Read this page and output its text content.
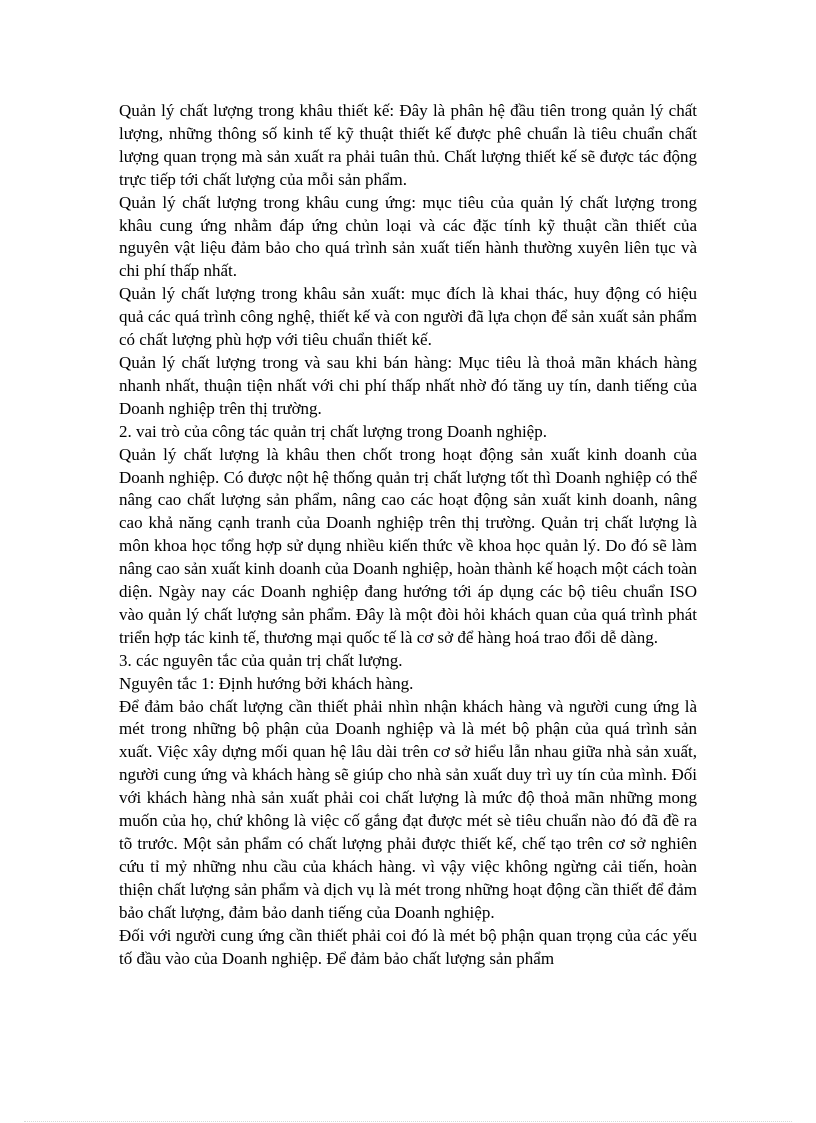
Quản lý chất lượng trong khâu thiết kế: Đây là phân hệ đầu tiên trong quản lý chất lượng, những thông số kinh tế kỹ thuật thiết kế được phê chuẩn là tiêu chuẩn chất lượng quan trọng mà sản xuất ra phải tuân thủ. Chất lượng thiết kế sẽ được tác động trực tiếp tới chất lượng của mỗi sản phẩm.

Quản lý chất lượng trong khâu cung ứng: mục tiêu của quản lý chất lượng trong khâu cung ứng nhằm đáp ứng chủn loại và các đặc tính kỹ thuật cần thiết của nguyên vật liệu đảm bảo cho quá trình sản xuất tiến hành thường xuyên liên tục và chi phí thấp nhất.

Quản lý chất lượng trong khâu sản xuất: mục đích là khai thác, huy động có hiệu quả các quá trình công nghệ, thiết kế và con người đã lựa chọn để sản xuất sản phẩm có chất lượng phù hợp với tiêu chuẩn thiết kế.

Quản lý chất lượng trong và sau khi bán hàng: Mục tiêu là thoả mãn khách hàng nhanh nhất, thuận tiện nhất với chi phí thấp nhất nhờ đó tăng uy tín, danh tiếng của Doanh nghiệp trên thị trường.

2. vai trò của công tác quản trị chất lượng trong Doanh nghiệp.

Quản lý chất lượng là khâu then chốt trong hoạt động sản xuất kinh doanh của Doanh nghiệp. Có được nột hệ thống quản trị chất lượng tốt thì Doanh nghiệp có thể nâng cao chất lượng sản phẩm, nâng cao các hoạt động sản xuất kinh doanh, nâng cao khả năng cạnh tranh của Doanh nghiệp trên thị trường. Quản trị chất lượng là môn khoa học tổng hợp sử dụng nhiều kiến thức về khoa học quản lý. Do đó sẽ làm nâng cao sản xuất kinh doanh của Doanh nghiệp, hoàn thành kế hoạch một cách toàn diện. Ngày nay các Doanh nghiệp đang hướng tới áp dụng các bộ tiêu chuẩn ISO vào quản lý chất lượng sản phẩm. Đây là một đòi hỏi khách quan của quá trình phát triển hợp tác kinh tế, thương mại quốc tế là cơ sở để hàng hoá trao đổi dễ dàng.

3. các nguyên tắc của quản trị chất lượng.

Nguyên tắc 1: Định hướng bởi khách hàng.

Để đảm bảo chất lượng cần thiết phải nhìn nhận khách hàng và người cung ứng là mét trong những bộ phận của Doanh nghiệp và là mét bộ phận của quá trình sản xuất. Việc xây dựng mối quan hệ lâu dài trên cơ sở hiểu lẫn nhau giữa nhà sản xuất, người cung ứng và khách hàng sẽ giúp cho nhà sản xuất duy trì uy tín của mình. Đối với khách hàng nhà sản xuất phải coi chất lượng là mức độ thoả mãn những mong muốn của họ, chứ không là việc cố gắng đạt được mét sè tiêu chuẩn nào đó đã đề ra tõ trước. Một sản phẩm có chất lượng phải được thiết kế, chế tạo trên cơ sở nghiên cứu tỉ mỷ những nhu cầu của khách hàng. vì vậy việc không ngừng cải tiến, hoàn thiện chất lượng sản phẩm và dịch vụ là mét trong những hoạt động cần thiết để đảm bảo chất lượng, đảm bảo danh tiếng của Doanh nghiệp.

Đối với người cung ứng cần thiết phải coi đó là mét bộ phận quan trọng của các yếu tố đầu vào của Doanh nghiệp. Để đảm bảo chất lượng sản phẩm
